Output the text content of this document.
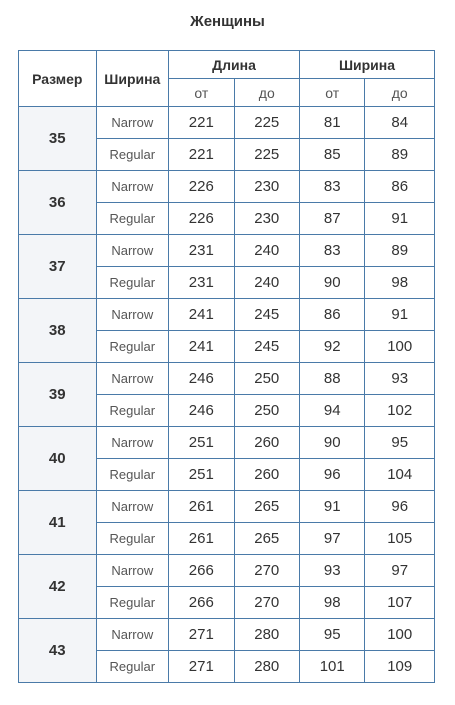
Женщины
Размер	Ширина	Длина		Ширина	
		от	до	от	до
35	Narrow	221	225	81	84
	Regular	221	225	85	89
36	Narrow	226	230	83	86
	Regular	226	230	87	91
37	Narrow	231	240	83	89
	Regular	231	240	90	98
38	Narrow	241	245	86	91
	Regular	241	245	92	100
39	Narrow	246	250	88	93
	Regular	246	250	94	102
40	Narrow	251	260	90	95
	Regular	251	260	96	104
41	Narrow	261	265	91	96
	Regular	261	265	97	105
42	Narrow	266	270	93	97
	Regular	266	270	98	107
43	Narrow	271	280	95	100
	Regular	271	280	101	109
